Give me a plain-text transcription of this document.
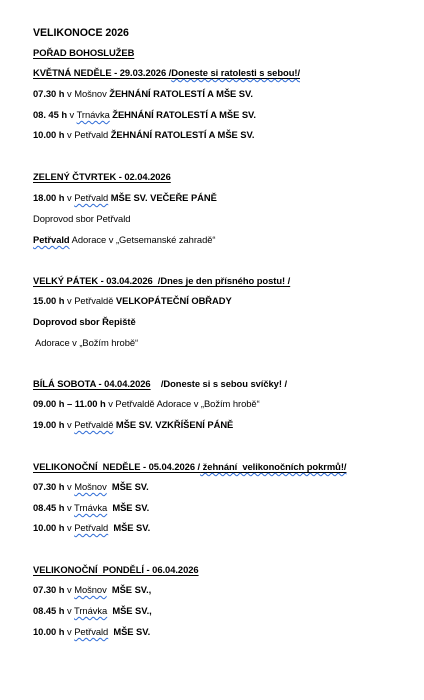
VELIKONOCE 2026
POŘAD BOHOSLUŽEB
KVĚTNÁ NEDĚLE - 29.03.2026 /Doneste si ratolesti s sebou!/
07.30 h v Mošnov ŽEHNÁNÍ RATOLESTÍ A MŠE SV.
08. 45 h v Trnávka ŽEHNÁNÍ RATOLESTÍ A MŠE SV.
10.00 h v Petřvald ŽEHNÁNÍ RATOLESTÍ A MŠE SV.
ZELENÝ ČTVRTEK - 02.04.2026
18.00 h v Petřvald MŠE SV. VEČEŘE PÁNĚ
Doprovod sbor Petřvald
Petřvald Adorace v „Getsemanské zahradě“
VELKÝ PÁTEK - 03.04.2026  /Dnes je den přísného postu! /
15.00 h v Petřvaldě VELKOPÁTEČNÍ OBŘADY
Doprovod sbor Řepiště
Adorace v „Božím hrobě“
BÍLÁ SOBOTA - 04.04.2026    /Doneste si s sebou svíčky! /
09.00 h – 11.00 h v Petřvaldě Adorace v „Božím hrobě“
19.00 h v Petřvaldě MŠE SV. VZKŘÍŠENÍ PÁNĚ
VELIKONOČNÍ  NEDĚLE - 05.04.2026 / žehnání  velikonočních pokrmů!/
07.30 h v Mošnov  MŠE SV.
08.45 h v Trnávka  MŠE SV.
10.00 h v Petřvald  MŠE SV.
VELIKONOČNÍ  PONDĚLÍ - 06.04.2026
07.30 h v Mošnov  MŠE SV.,
08.45 h v Trnávka  MŠE SV.,
10.00 h v Petřvald  MŠE SV.
